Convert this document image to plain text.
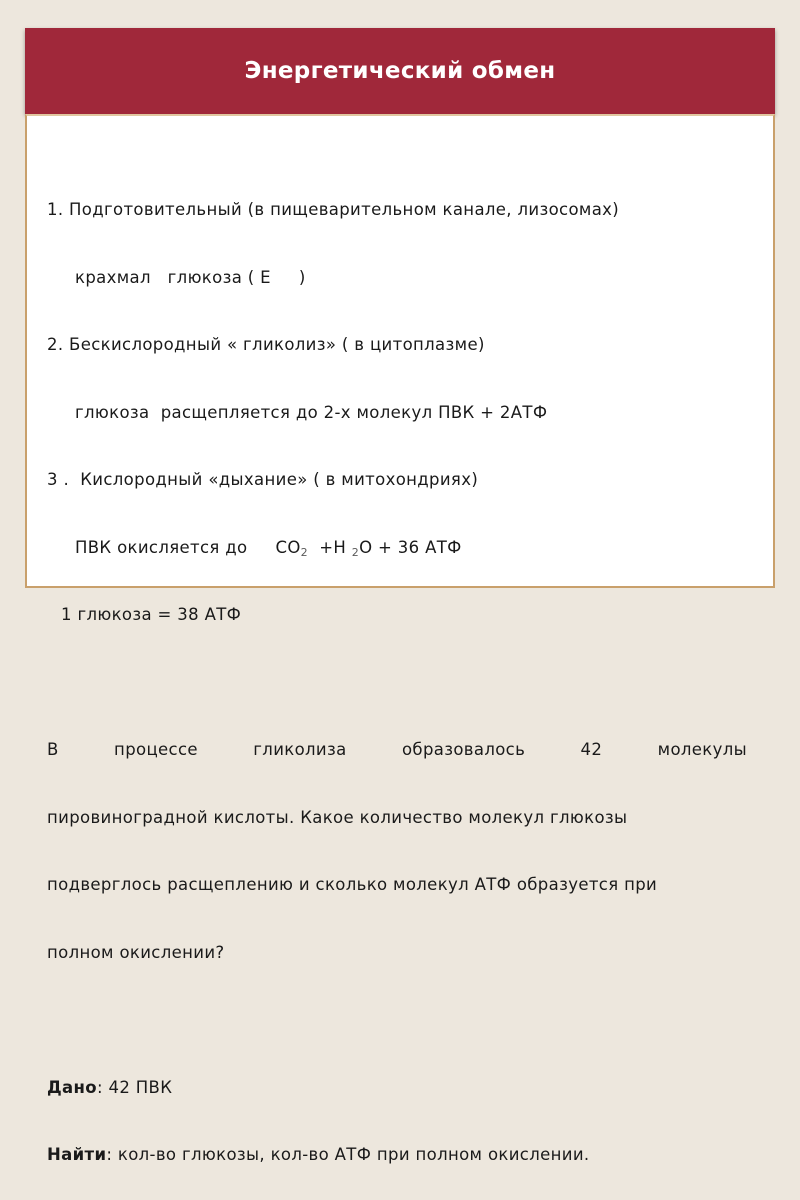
Энергетический обмен

1. Подготовительный (в пищеварительном канале, лизосомах)

крахмал   глюкоза ( Е     )

2. Бескислородный « гликолиз» ( в цитоплазме)

глюкоза  расщепляется до 2-х молекул ПВК + 2АТФ

3 .  Кислородный «дыхание» ( в митохондриях)

ПВК окисляется до     $СО_2 +Н$ $_2$О + 36 АТФ

1 глюкоза = 38 АТФ

В процессе гликолиза образовалось 42 молекулы

пировиноградной кислоты. Какое количество молекул глюкозы

подверглось расщеплению и сколько молекул АТФ образуется при

полном окислении?

Дано: 42 ПВК

Найти: кол-во глюкозы, кол-во АТФ при полном окислении.
